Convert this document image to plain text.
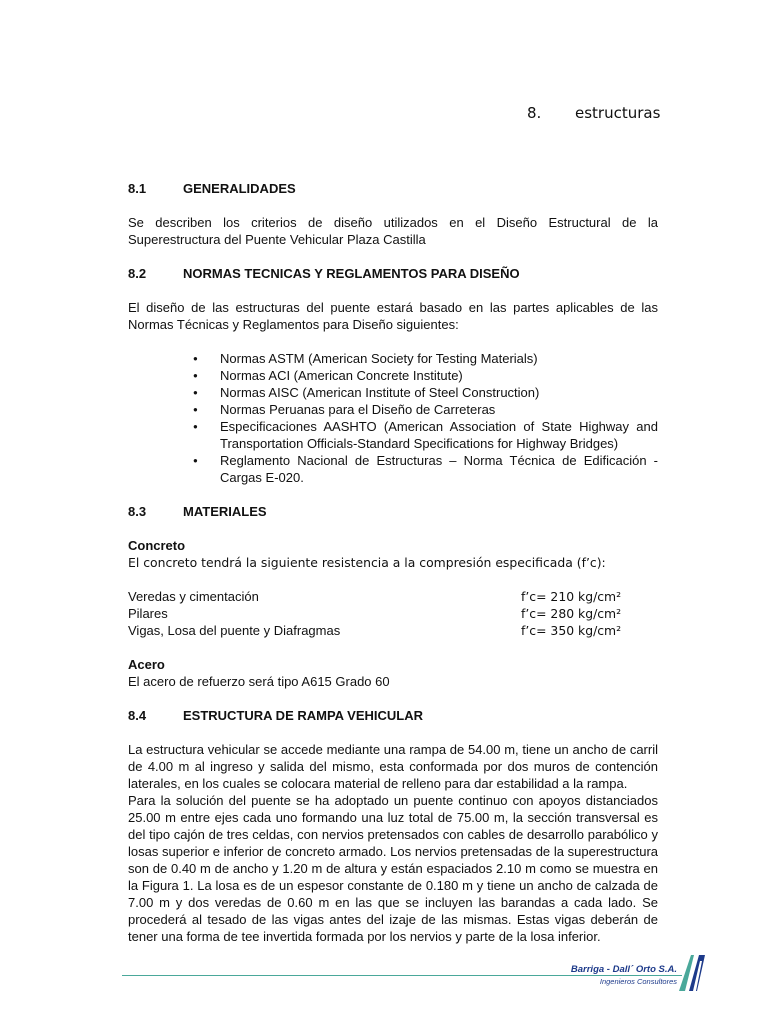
8. estructuras
8.1	GENERALIDADES

Se describen los criterios de diseño utilizados en el Diseño Estructural de la Superestructura del Puente Vehicular Plaza Castilla

8.2	NORMAS TECNICAS Y REGLAMENTOS PARA DISEÑO

El diseño de las estructuras del puente estará basado en las partes aplicables de las Normas Técnicas y Reglamentos para Diseño siguientes:

● Normas ASTM (American Society for Testing Materials)
● Normas ACI (American Concrete Institute)
● Normas AISC (American Institute of Steel Construction)
● Normas Peruanas para el Diseño de Carreteras
● Especificaciones AASHTO (American Association of State Highway and Transportation Officials-Standard Specifications for Highway Bridges)
● Reglamento Nacional de Estructuras – Norma Técnica de Edificación - Cargas E-020.
8.3	MATERIALES
Concreto

El concreto tendrá la siguiente resistencia a la compresión especificada (f’c):

Veredas y cimentación	f’c= 210 kg/cm²
Pilares	f’c= 280 kg/cm²
Vigas, Losa del puente y Diafragmas	f’c= 350 kg/cm²
Acero

El acero de refuerzo será tipo A615 Grado 60

8.4	ESTRUCTURA DE RAMPA VEHICULAR

La estructura vehicular se accede mediante una rampa de 54.00 m, tiene un ancho de carril de 4.00 m al ingreso y salida del mismo, esta conformada por dos muros de contención laterales, en los cuales se colocara material de relleno para dar estabilidad a la rampa.

Para la solución del puente se ha adoptado un puente continuo con apoyos distanciados 25.00 m entre ejes cada uno formando una luz total de 75.00 m, la sección transversal es del tipo cajón de tres celdas, con nervios pretensados con cables de desarrollo parabólico y losas superior e inferior de concreto armado. Los nervios pretensadas de la superestructura son de 0.40 m de ancho y 1.20 m de altura y están espaciados 2.10 m como se muestra en la Figura 1. La losa es de un espesor constante de 0.180 m y tiene un ancho de calzada de 7.00 m y dos veredas de 0.60 m en las que se incluyen las barandas a cada lado. Se procederá al tesado de las vigas antes del izaje de las mismas. Estas vigas deberán de tener una forma de tee invertida formada por los nervios y parte de la losa inferior.

Barriga - Dall´ Orto S.A.
Ingenieros Consultores
